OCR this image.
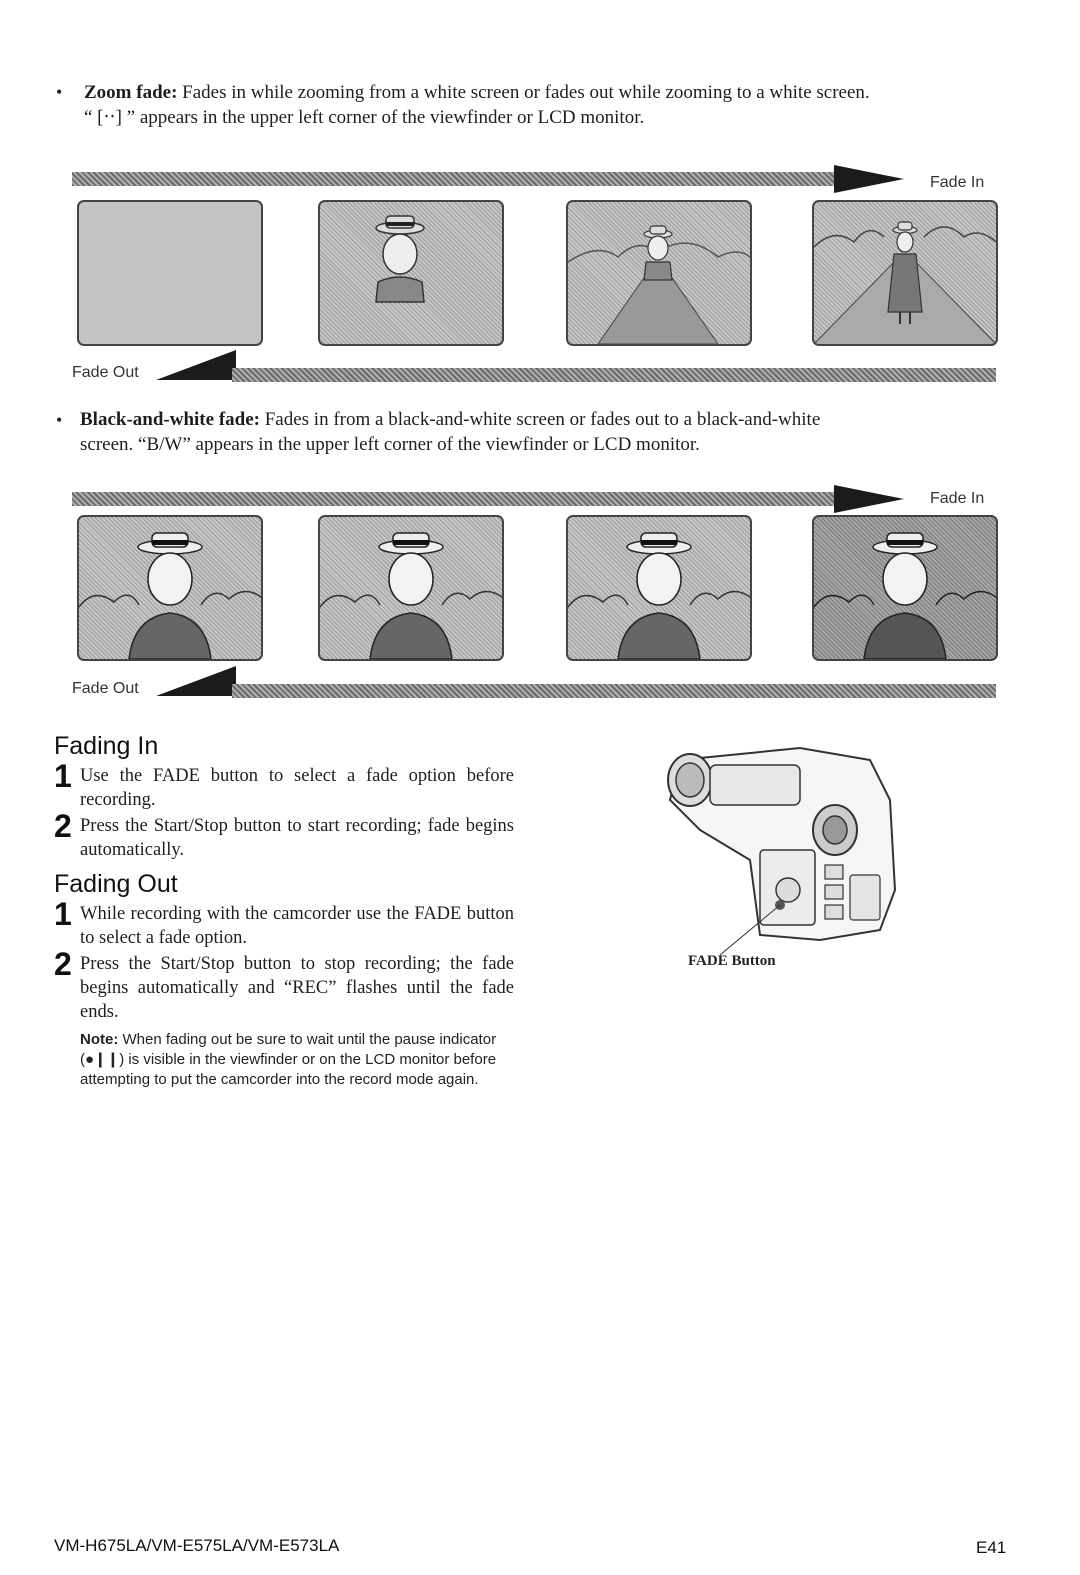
• Zoom fade: Fades in while zooming from a white screen or fades out while zooming to a white screen.
“ [‧‧] ” appears in the upper left corner of the viewfinder or LCD monitor.
Fade In
Fade Out
• Black-and-white fade: Fades in from a black-and-white screen or fades out to a black-and-white
screen. “B/W” appears in the upper left corner of the viewfinder or LCD monitor.
Fade In
Fade Out
Fading In
1 Use the FADE button to select a fade option before recording.
2 Press the Start/Stop button to start recording; fade begins automatically.
Fading Out
1 While recording with the camcorder use the FADE button to select a fade option.
2 Press the Start/Stop button to stop recording; the fade begins automatically and “REC” flashes until the fade ends.
Note: When fading out be sure to wait until the pause indicator (●❙❙) is visible in the viewfinder or on the LCD monitor before attempting to put the camcorder into the record mode again.
FADE Button
VM-H675LA/VM-E575LA/VM-E573LA	E41
